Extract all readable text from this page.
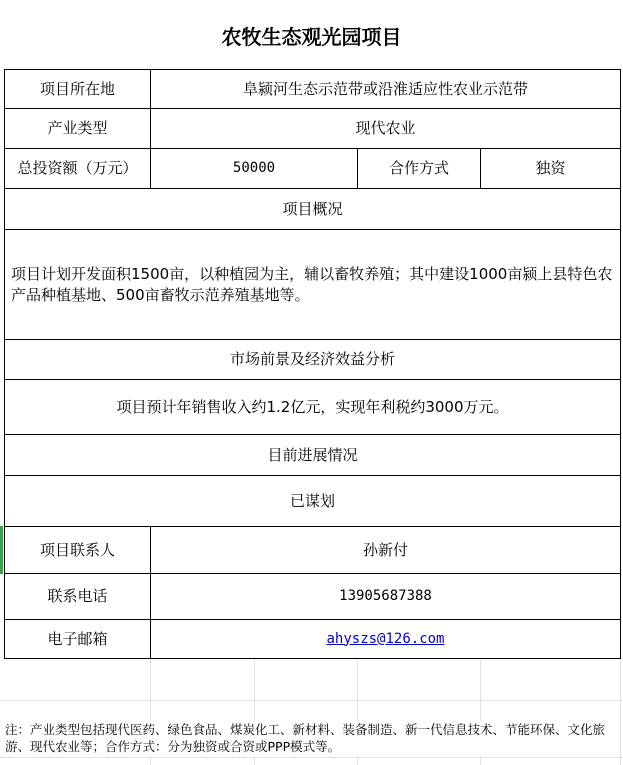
农牧生态观光园项目
项目所在地	阜颍河生态示范带或沿淮适应性农业示范带
产业类型	现代农业
总投资额（万元）	50000	合作方式	独资
项目概况
项目计划开发面积1500亩，以种植园为主，辅以畜牧养殖；其中建设1000亩颍上县特色农产品种植基地、500亩畜牧示范养殖基地等。
市场前景及经济效益分析
项目预计年销售收入约1.2亿元，实现年利税约3000万元。
目前进展情况
已谋划
项目联系人	孙新付
联系电话	13905687388
电子邮箱	ahyszs@126.com
注：产业类型包括现代医药、绿色食品、煤炭化工、新材料、装备制造、新一代信息技术、节能环保、文化旅游、现代农业等；合作方式：分为独资或合资或PPP模式等。
